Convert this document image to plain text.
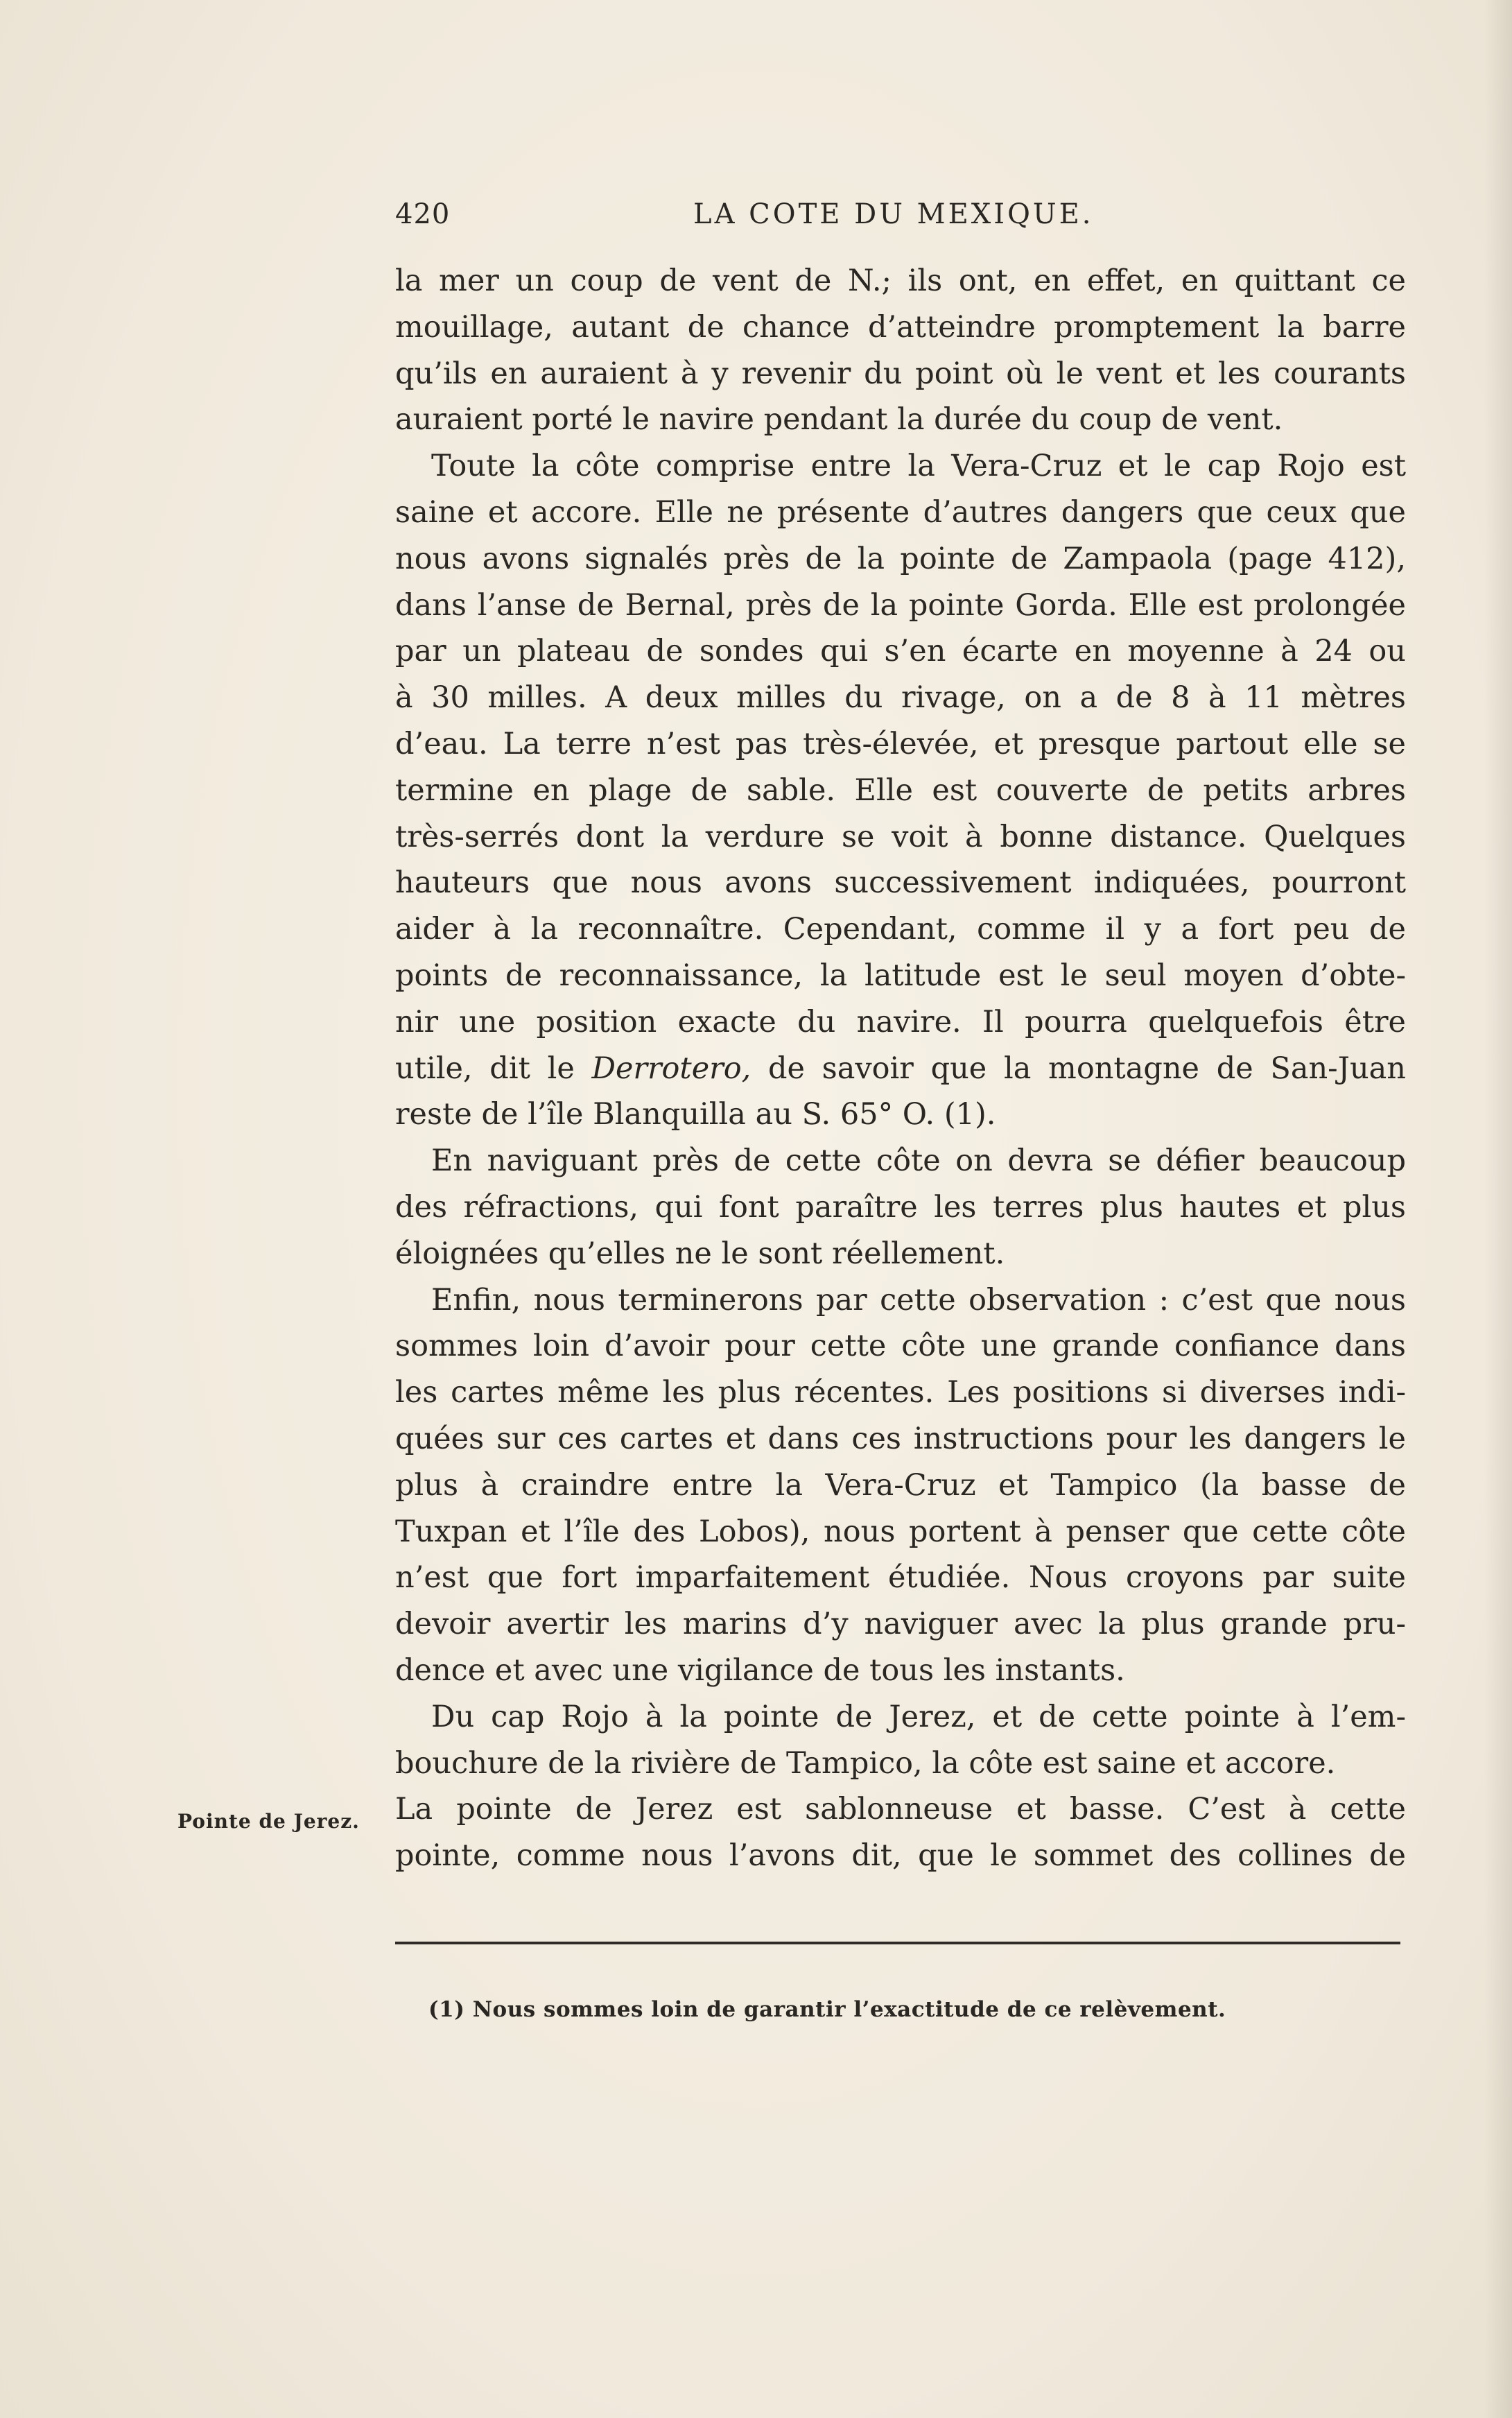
420	LA COTE DU MEXIQUE.
la mer un coup de vent de N.; ils ont, en effet, en quittant ce
mouillage, autant de chance d’atteindre promptement la barre
qu’ils en auraient à y revenir du point où le vent et les courants
auraient porté le navire pendant la durée du coup de vent.
Toute la côte comprise entre la Vera-Cruz et le cap Rojo est
saine et accore. Elle ne présente d’autres dangers que ceux que
nous avons signalés près de la pointe de Zampaola (page 412),
dans l’anse de Bernal, près de la pointe Gorda. Elle est prolongée
par un plateau de sondes qui s’en écarte en moyenne à 24 ou
à 30 milles. A deux milles du rivage, on a de 8 à 11 mètres
d’eau. La terre n’est pas très-élevée, et presque partout elle se
termine en plage de sable. Elle est couverte de petits arbres
très-serrés dont la verdure se voit à bonne distance. Quelques
hauteurs que nous avons successivement indiquées, pourront
aider à la reconnaître. Cependant, comme il y a fort peu de
points de reconnaissance, la latitude est le seul moyen d’obte-
nir une position exacte du navire. Il pourra quelquefois être
utile, dit le Derrotero, de savoir que la montagne de San-Juan
reste de l’île Blanquilla au S. 65° O. (1).
En naviguant près de cette côte on devra se défier beaucoup
des réfractions, qui font paraître les terres plus hautes et plus
éloignées qu’elles ne le sont réellement.
Enfin, nous terminerons par cette observation : c’est que nous
sommes loin d’avoir pour cette côte une grande confiance dans
les cartes même les plus récentes. Les positions si diverses indi-
quées sur ces cartes et dans ces instructions pour les dangers le
plus à craindre entre la Vera-Cruz et Tampico (la basse de
Tuxpan et l’île des Lobos), nous portent à penser que cette côte
n’est que fort imparfaitement étudiée. Nous croyons par suite
devoir avertir les marins d’y naviguer avec la plus grande pru-
dence et avec une vigilance de tous les instants.
Du cap Rojo à la pointe de Jerez, et de cette pointe à l’em-
bouchure de la rivière de Tampico, la côte est saine et accore.
La pointe de Jerez est sablonneuse et basse. C’est à cette
pointe, comme nous l’avons dit, que le sommet des collines de
Pointe de Jerez.
(1) Nous sommes loin de garantir l’exactitude de ce relèvement.
